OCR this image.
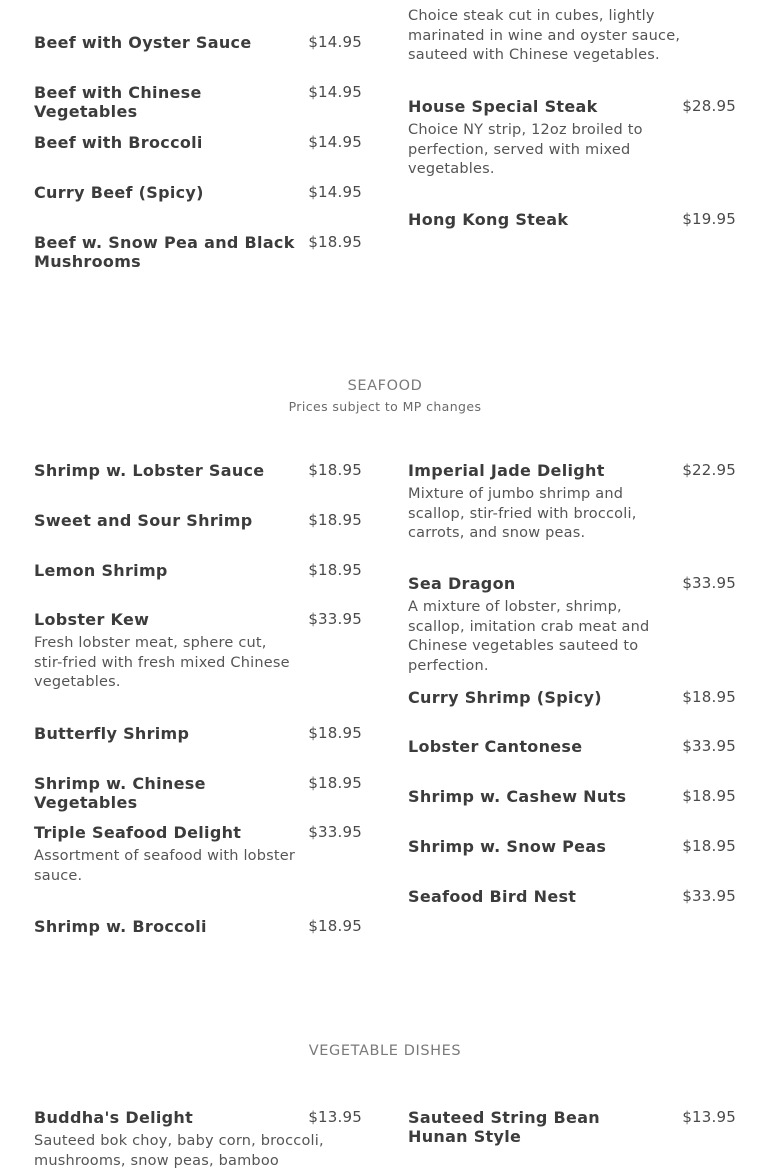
Beef with Oyster Sauce	$14.95
Beef with Chinese Vegetables
$14.95
Beef with Broccoli	$14.95
Curry Beef (Spicy)	$14.95
Beef w. Snow Pea and Black Mushrooms
$18.95
Choice steak cut in cubes, lightly marinated in wine and oyster sauce, sauteed with Chinese vegetables.
House Special Steak	$28.95
Choice NY strip, 12oz broiled to perfection, served with mixed vegetables.
Hong Kong Steak	$19.95
SEAFOOD
Prices subject to MP changes
Shrimp w. Lobster Sauce	$18.95
Sweet and Sour Shrimp	$18.95
Lemon Shrimp	$18.95
Lobster Kew	$33.95
Fresh lobster meat, sphere cut, stir-fried with fresh mixed Chinese vegetables.
Butterfly Shrimp	$18.95
Shrimp w. Chinese Vegetables
$18.95
Triple Seafood Delight	$33.95
Assortment of seafood with lobster sauce.
Shrimp w. Broccoli	$18.95
Imperial Jade Delight	$22.95
Mixture of jumbo shrimp and scallop, stir-fried with broccoli, carrots, and snow peas.
Sea Dragon	$33.95
A mixture of lobster, shrimp, scallop, imitation crab meat and Chinese vegetables sauteed to perfection.
Curry Shrimp (Spicy)	$18.95
Lobster Cantonese	$33.95
Shrimp w. Cashew Nuts	$18.95
Shrimp w. Snow Peas	$18.95
Seafood Bird Nest	$33.95
VEGETABLE DISHES
Buddha's Delight	$13.95
Sauteed bok choy, baby corn, broccoli, mushrooms, snow peas, bamboo
Sauteed String Bean Hunan Style
$13.95
